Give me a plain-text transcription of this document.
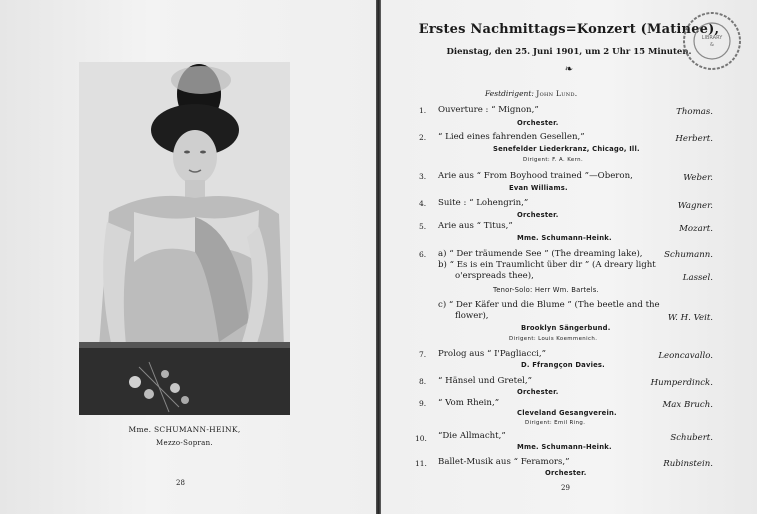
Mme. SCHUMANN-HEINK,
Mezzo-Sopran.
28
Erstes Nachmittags=Konzert (Matinee),
Dienstag, den 25. Juni 1901, um 2 Uhr 15 Minuten.
❧
LIBRARY
&
Festdirigent: John Lund.
1. Ouverture : “ Mignon,”	Thomas.
Orchester.
2. “ Lied eines fahrenden Gesellen,”	Herbert.
Senefelder Liederkranz, Chicago, Ill.
Dirigent: F. A. Kern.
3. Arie aus “ From Boyhood trained ”—Oberon,	Weber.
Evan Williams.
4. Suite : “ Lohengrin,”	Wagner.
Orchester.
5. Arie aus “ Titus,”	Mozart.
Mme. Schumann-Heink.
6. a) “ Der träumende See ” (The dreaming lake),	Schumann.
b) “ Es is ein Traumlicht über dir ” (A dreary light
o'erspreads thee),	Lassel.
Tenor-Solo: Herr Wm. Bartels.
c) “ Der Käfer und die Blume ” (The beetle and the
flower),	W. H. Veit.
Brooklyn Sängerbund.
Dirigent: Louis Koemmenich.
7. Prolog aus “ I'Pagliacci,”	Leoncavallo.
D. Ffrangçon Davies.
8. “ Hänsel und Gretel,”	Humperdinck.
Orchester.
9. “ Vom Rhein,”	Max Bruch.
Cleveland Gesangverein.
Dirigent: Emil Ring.
10. “Die Allmacht,”	Schubert.
Mme. Schumann-Heink.
11. Ballet-Musik aus “ Feramors,”	Rubinstein.
Orchester.
29
